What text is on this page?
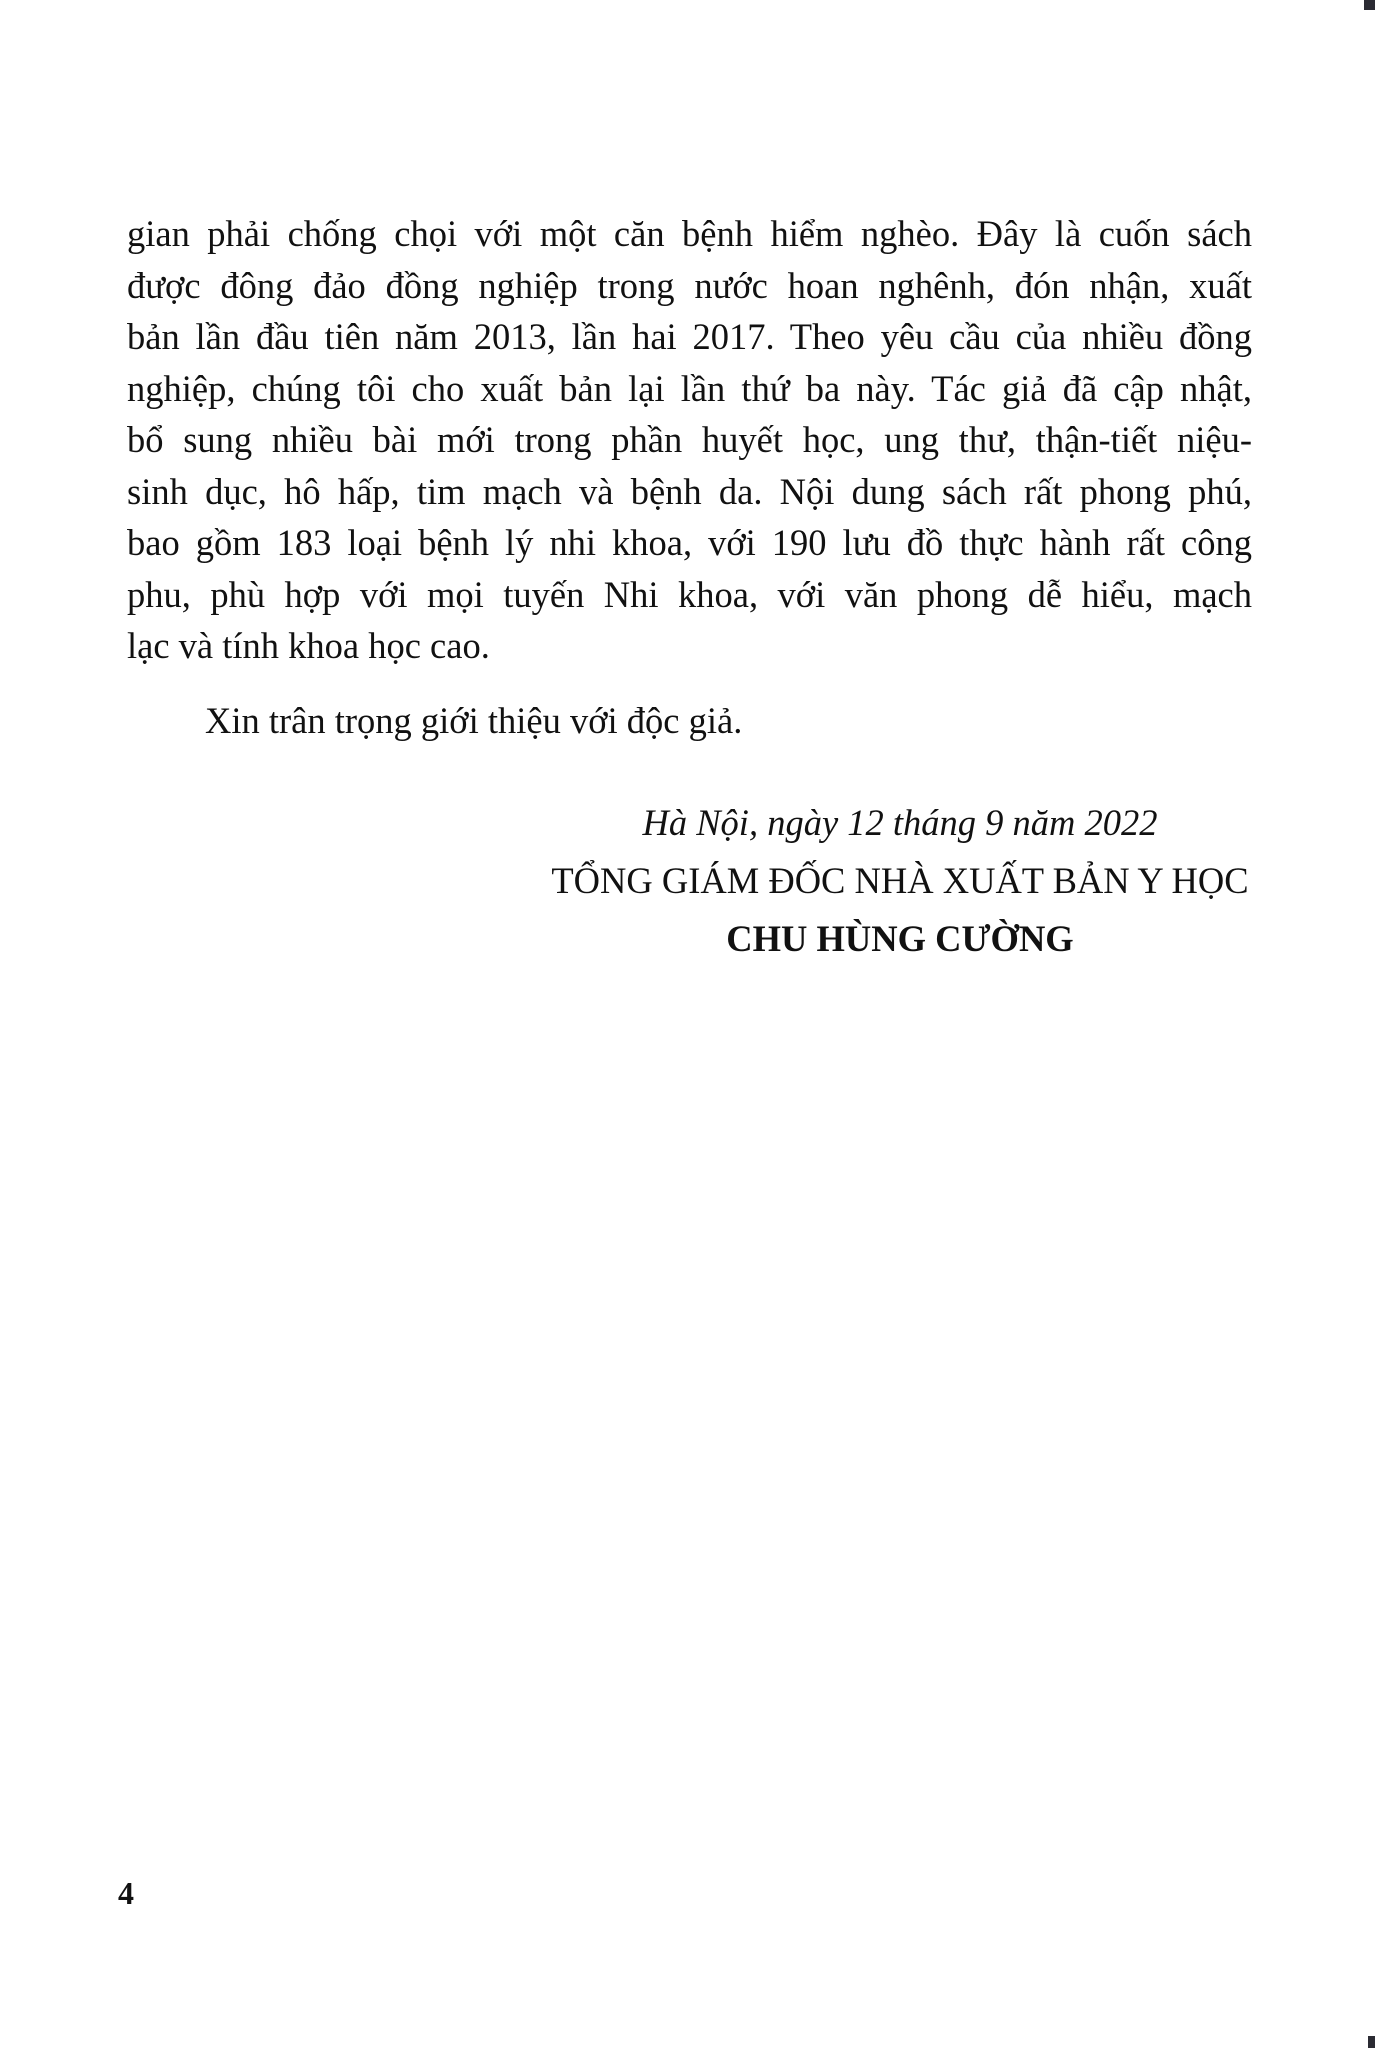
gian phải chống chọi với một căn bệnh hiểm nghèo. Đây là cuốn sách
được đông đảo đồng nghiệp trong nước hoan nghênh, đón nhận, xuất
bản lần đầu tiên năm 2013, lần hai 2017. Theo yêu cầu của nhiều đồng
nghiệp, chúng tôi cho xuất bản lại lần thứ ba này. Tác giả đã cập nhật,
bổ sung nhiều bài mới trong phần huyết học, ung thư, thận-tiết niệu-
sinh dục, hô hấp, tim mạch và bệnh da. Nội dung sách rất phong phú,
bao gồm 183 loại bệnh lý nhi khoa, với 190 lưu đồ thực hành rất công
phu, phù hợp với mọi tuyến Nhi khoa, với văn phong dễ hiểu, mạch
lạc và tính khoa học cao.
Xin trân trọng giới thiệu với độc giả.
Hà Nội, ngày 12 tháng 9 năm 2022
TỔNG GIÁM ĐỐC NHÀ XUẤT BẢN Y HỌC
CHU HÙNG CƯỜNG
4
